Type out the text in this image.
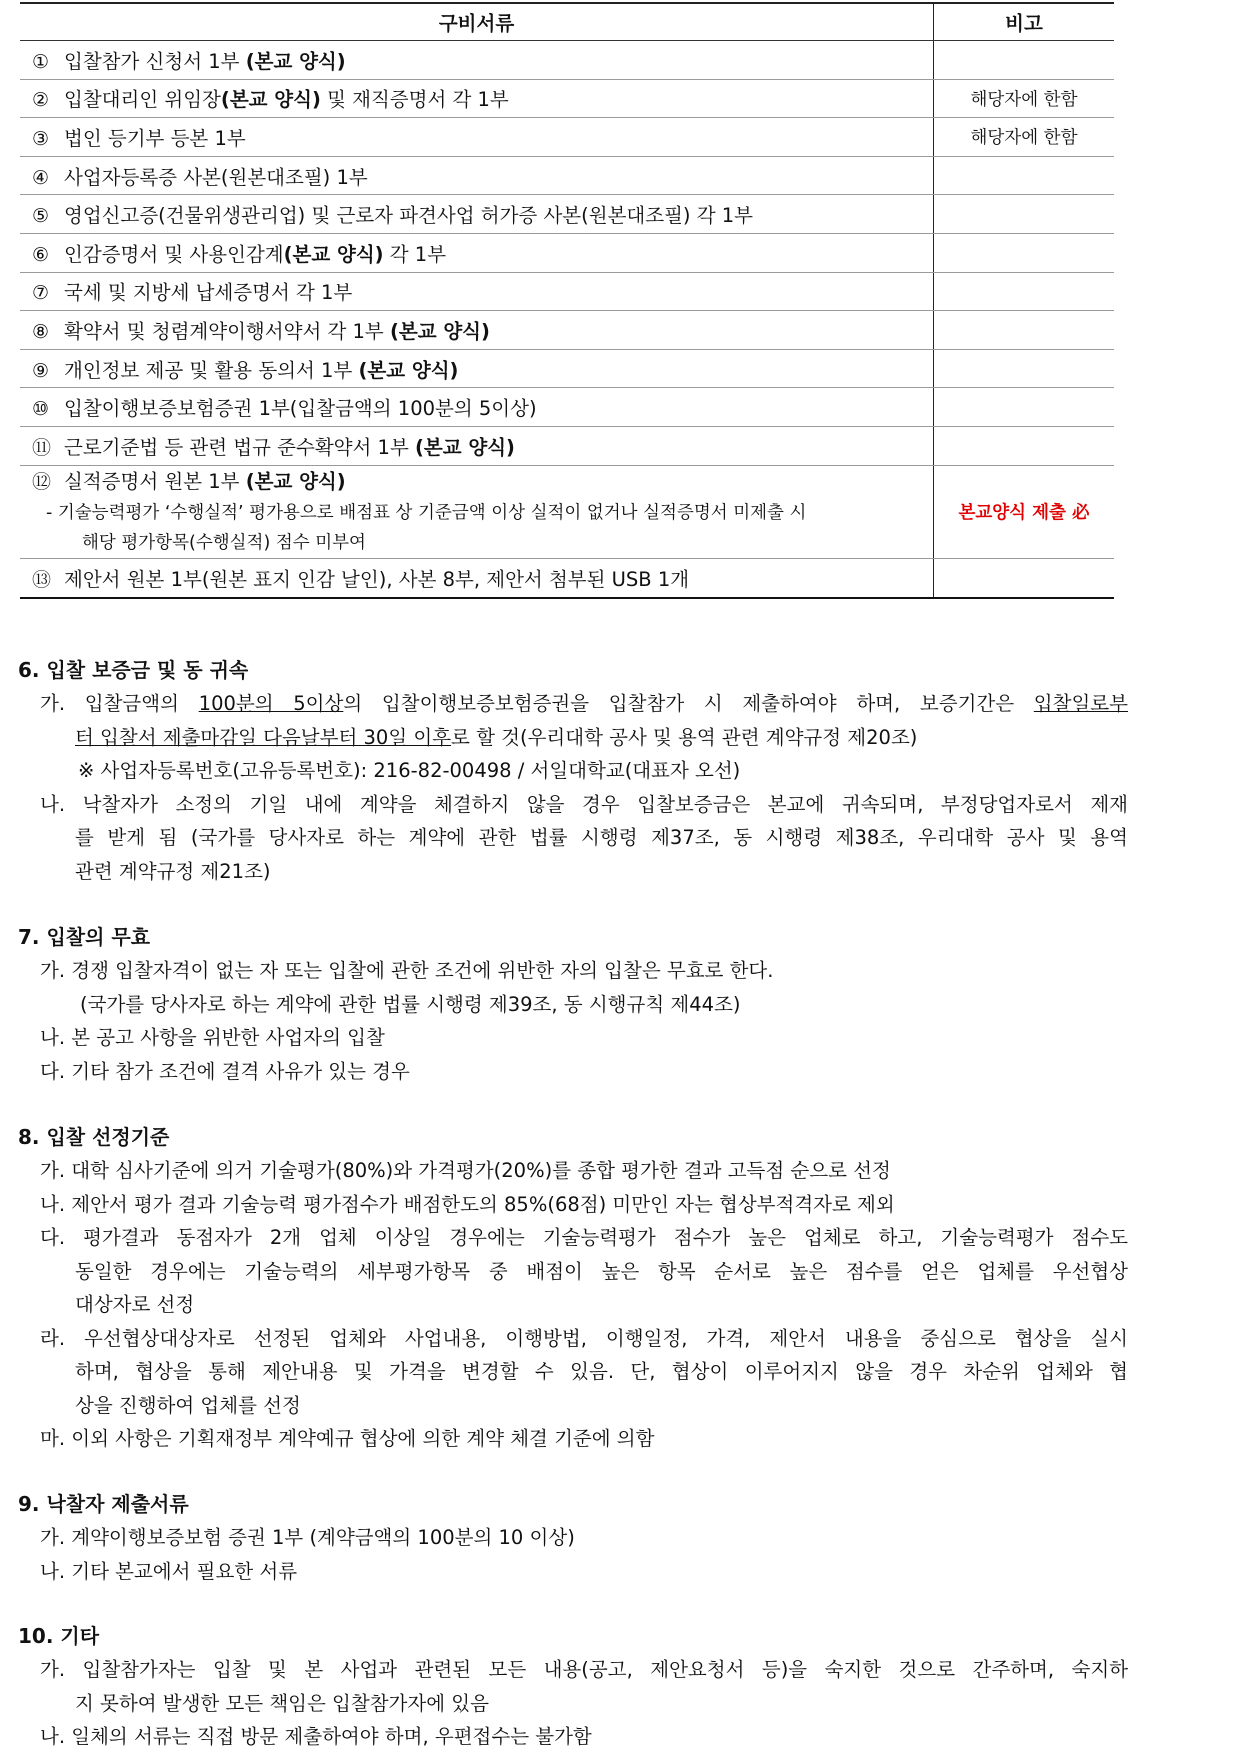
구비서류	비고
① 입찰참가 신청서 1부 (본교 양식)	
② 입찰대리인 위임장(본교 양식) 및 재직증명서 각 1부	해당자에 한함
③ 법인 등기부 등본 1부	해당자에 한함
④ 사업자등록증 사본(원본대조필) 1부	
⑤ 영업신고증(건물위생관리업) 및 근로자 파견사업 허가증 사본(원본대조필) 각 1부	
⑥ 인감증명서 및 사용인감계(본교 양식) 각 1부	
⑦ 국세 및 지방세 납세증명서 각 1부	
⑧ 확약서 및 청렴계약이행서약서 각 1부 (본교 양식)	
⑨ 개인정보 제공 및 활용 동의서 1부 (본교 양식)	
⑩ 입찰이행보증보험증권 1부(입찰금액의 100분의 5이상)	
⑪ 근로기준법 등 관련 법규 준수확약서 1부 (본교 양식)	

⑫ 실적증명서 원본 1부 (본교 양식)
- 기술능력평가 ‘수행실적’ 평가용으로 배점표 상 기준금액 이상 실적이 없거나 실적증명서 미제출 시
해당 평가항목(수행실적) 점수 미부여	본교양식 제출 必
⑬ 제안서 원본 1부(원본 표지 인감 날인), 사본 8부, 제안서 첨부된 USB 1개	
6. 입찰 보증금 및 동 귀속
가. 입찰금액의 100분의 5이상의 입찰이행보증보험증권을 입찰참가 시 제출하여야 하며, 보증기간은 입찰일로부
터 입찰서 제출마감일 다음날부터 30일 이후로 할 것(우리대학 공사 및 용역 관련 계약규정 제20조)
※ 사업자등록번호(고유등록번호): 216-82-00498 / 서일대학교(대표자 오선)
나. 낙찰자가 소정의 기일 내에 계약을 체결하지 않을 경우 입찰보증금은 본교에 귀속되며, 부정당업자로서 제재
를 받게 됨 (국가를 당사자로 하는 계약에 관한 법률 시행령 제37조, 동 시행령 제38조, 우리대학 공사 및 용역
관련 계약규정 제21조)
7. 입찰의 무효
가. 경쟁 입찰자격이 없는 자 또는 입찰에 관한 조건에 위반한 자의 입찰은 무효로 한다.
(국가를 당사자로 하는 계약에 관한 법률 시행령 제39조, 동 시행규칙 제44조)
나. 본 공고 사항을 위반한 사업자의 입찰
다. 기타 참가 조건에 결격 사유가 있는 경우
8. 입찰 선정기준
가. 대학 심사기준에 의거 기술평가(80%)와 가격평가(20%)를 종합 평가한 결과 고득점 순으로 선정
나. 제안서 평가 결과 기술능력 평가점수가 배점한도의 85%(68점) 미만인 자는 협상부적격자로 제외
다. 평가결과 동점자가 2개 업체 이상일 경우에는 기술능력평가 점수가 높은 업체로 하고, 기술능력평가 점수도
동일한 경우에는 기술능력의 세부평가항목 중 배점이 높은 항목 순서로 높은 점수를 얻은 업체를 우선협상
대상자로 선정
라. 우선협상대상자로 선정된 업체와 사업내용, 이행방법, 이행일정, 가격, 제안서 내용을 중심으로 협상을 실시
하며, 협상을 통해 제안내용 및 가격을 변경할 수 있음. 단, 협상이 이루어지지 않을 경우 차순위 업체와 협
상을 진행하여 업체를 선정
마. 이외 사항은 기획재정부 계약예규 협상에 의한 계약 체결 기준에 의함
9. 낙찰자 제출서류
가. 계약이행보증보험 증권 1부 (계약금액의 100분의 10 이상)
나. 기타 본교에서 필요한 서류
10. 기타
가. 입찰참가자는 입찰 및 본 사업과 관련된 모든 내용(공고, 제안요청서 등)을 숙지한 것으로 간주하며, 숙지하
지 못하여 발생한 모든 책임은 입찰참가자에 있음
나. 일체의 서류는 직접 방문 제출하여야 하며, 우편접수는 불가함
